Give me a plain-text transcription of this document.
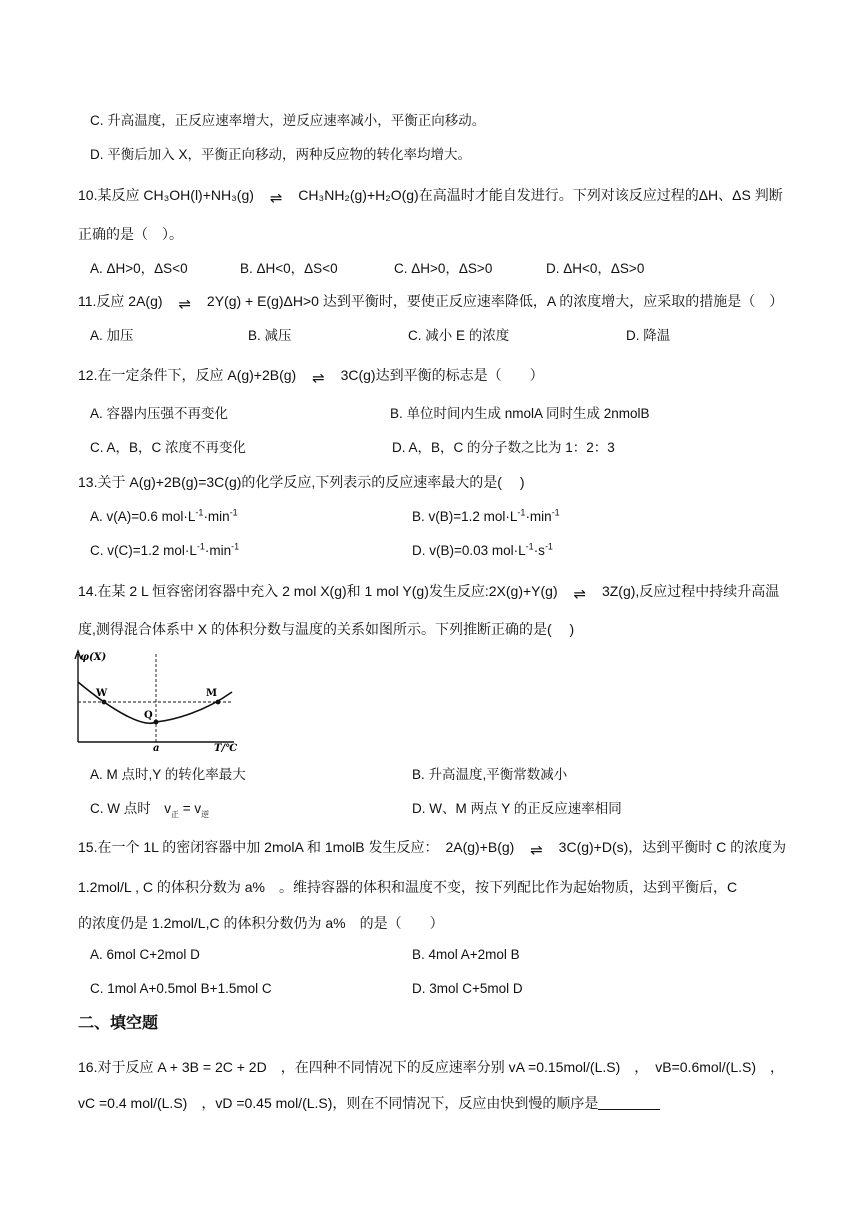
C. 升高温度，正反应速率增大，逆反应速率减小，平衡正向移动。
D. 平衡后加入 X，平衡正向移动，两种反应物的转化率均增大。
10.某反应 CH₃OH(l)+NH₃(g) ⇌ CH₃NH₂(g)+H₂O(g)在高温时才能自发进行。下列对该反应过程的ΔH、ΔS 判断
正确的是（　）。
A. ΔH>0，ΔS<0	B. ΔH<0，ΔS<0	C. ΔH>0，ΔS>0	D. ΔH<0，ΔS>0
11.反应 2A(g) ⇌ 2Y(g) + E(g)ΔH>0 达到平衡时，要使正反应速率降低，A 的浓度增大，应采取的措施是（　）
A. 加压	B. 减压	C. 减小 E 的浓度	D. 降温
12.在一定条件下，反应 A(g)+2B(g) ⇌ 3C(g)达到平衡的标志是（　　）
A. 容器内压强不再变化	B. 单位时间内生成 nmolA 同时生成 2nmolB
C. A，B，C 浓度不再变化	D. A，B，C 的分子数之比为 1：2：3
13.关于 A(g)+2B(g)=3C(g)的化学反应,下列表示的反应速率最大的是(　 )
A. v(A)=0.6 $mol\cdot L^{-1}\cdot\min^{-1}$	B. v(B)=1.2 $mol\cdot L^{-1}\cdot\min^{-1}$
C. v(C)=1.2 $mol\cdot L^{-1}\cdot\min^{-1}$	D. v(B)=0.03 $mol\cdot L^{-1}\cdot s^{-1}$
14.在某 2 L 恒容密闭容器中充入 2 mol X(g)和 1 mol Y(g)发生反应:2X(g)+Y(g) ⇌ 3Z(g),反应过程中持续升高温
度,测得混合体系中 X 的体积分数与温度的关系如图所示。下列推断正确的是(　 )
φ(X)
W	M
Q
a	T/℃
A. M 点时,Y 的转化率最大	B. 升高温度,平衡常数减小
C. W 点时　$v_正 = v_逆$	D. W、M 两点 Y 的正反应速率相同
15.在一个 1L 的密闭容器中加 2molA 和 1molB 发生反应：　2A(g)+B(g) ⇌ 3C(g)+D(s)，达到平衡时 C 的浓度为
1.2mol/L , C 的体积分数为 a%　。维持容器的体积和温度不变，按下列配比作为起始物质，达到平衡后，C
的浓度仍是 1.2mol/L,C 的体积分数仍为 a%　的是（　　）
A. 6mol C+2mol D	B. 4mol A+2mol B
C. 1mol A+0.5mol B+1.5mol C	D. 3mol C+5mol D
二、填空题
16.对于反应 A + 3B = 2C + 2D　，在四种不同情况下的反应速率分别 vA =0.15mol/(L.S)　，　vB=0.6mol/(L.S)　，
vC =0.4 mol/(L.S)　，vD =0.45 mol/(L.S)，则在不同情况下，反应由快到慢的顺序是
